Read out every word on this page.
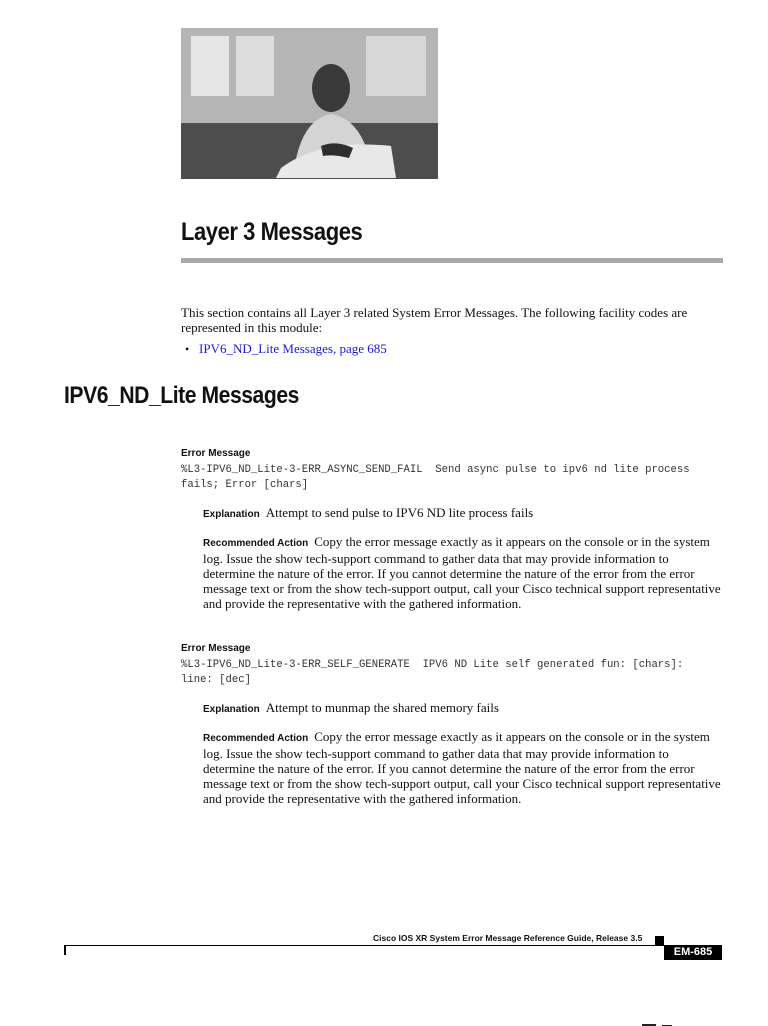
Layer 3 Messages

This section contains all Layer 3 related System Error Messages. The following facility codes are represented in this module:

• IPV6_ND_Lite Messages, page 685
IPV6_ND_Lite Messages

Error Message

%L3-IPV6_ND_Lite-3-ERR_ASYNC_SEND_FAIL  Send async pulse to ipv6 nd lite process
fails; Error [chars]

Explanation Attempt to send pulse to IPV6 ND lite process fails

Recommended Action Copy the error message exactly as it appears on the console or in the system log. Issue the show tech-support command to gather data that may provide information to determine the nature of the error. If you cannot determine the nature of the error from the error message text or from the show tech-support output, call your Cisco technical support representative and provide the representative with the gathered information.

Error Message

%L3-IPV6_ND_Lite-3-ERR_SELF_GENERATE  IPV6 ND Lite self generated fun: [chars]:
line: [dec]

Explanation Attempt to munmap the shared memory fails

Recommended Action Copy the error message exactly as it appears on the console or in the system log. Issue the show tech-support command to gather data that may provide information to determine the nature of the error. If you cannot determine the nature of the error from the error message text or from the show tech-support output, call your Cisco technical support representative and provide the representative with the gathered information.

Cisco IOS XR System Error Message Reference Guide, Release 3.5
EM-685
